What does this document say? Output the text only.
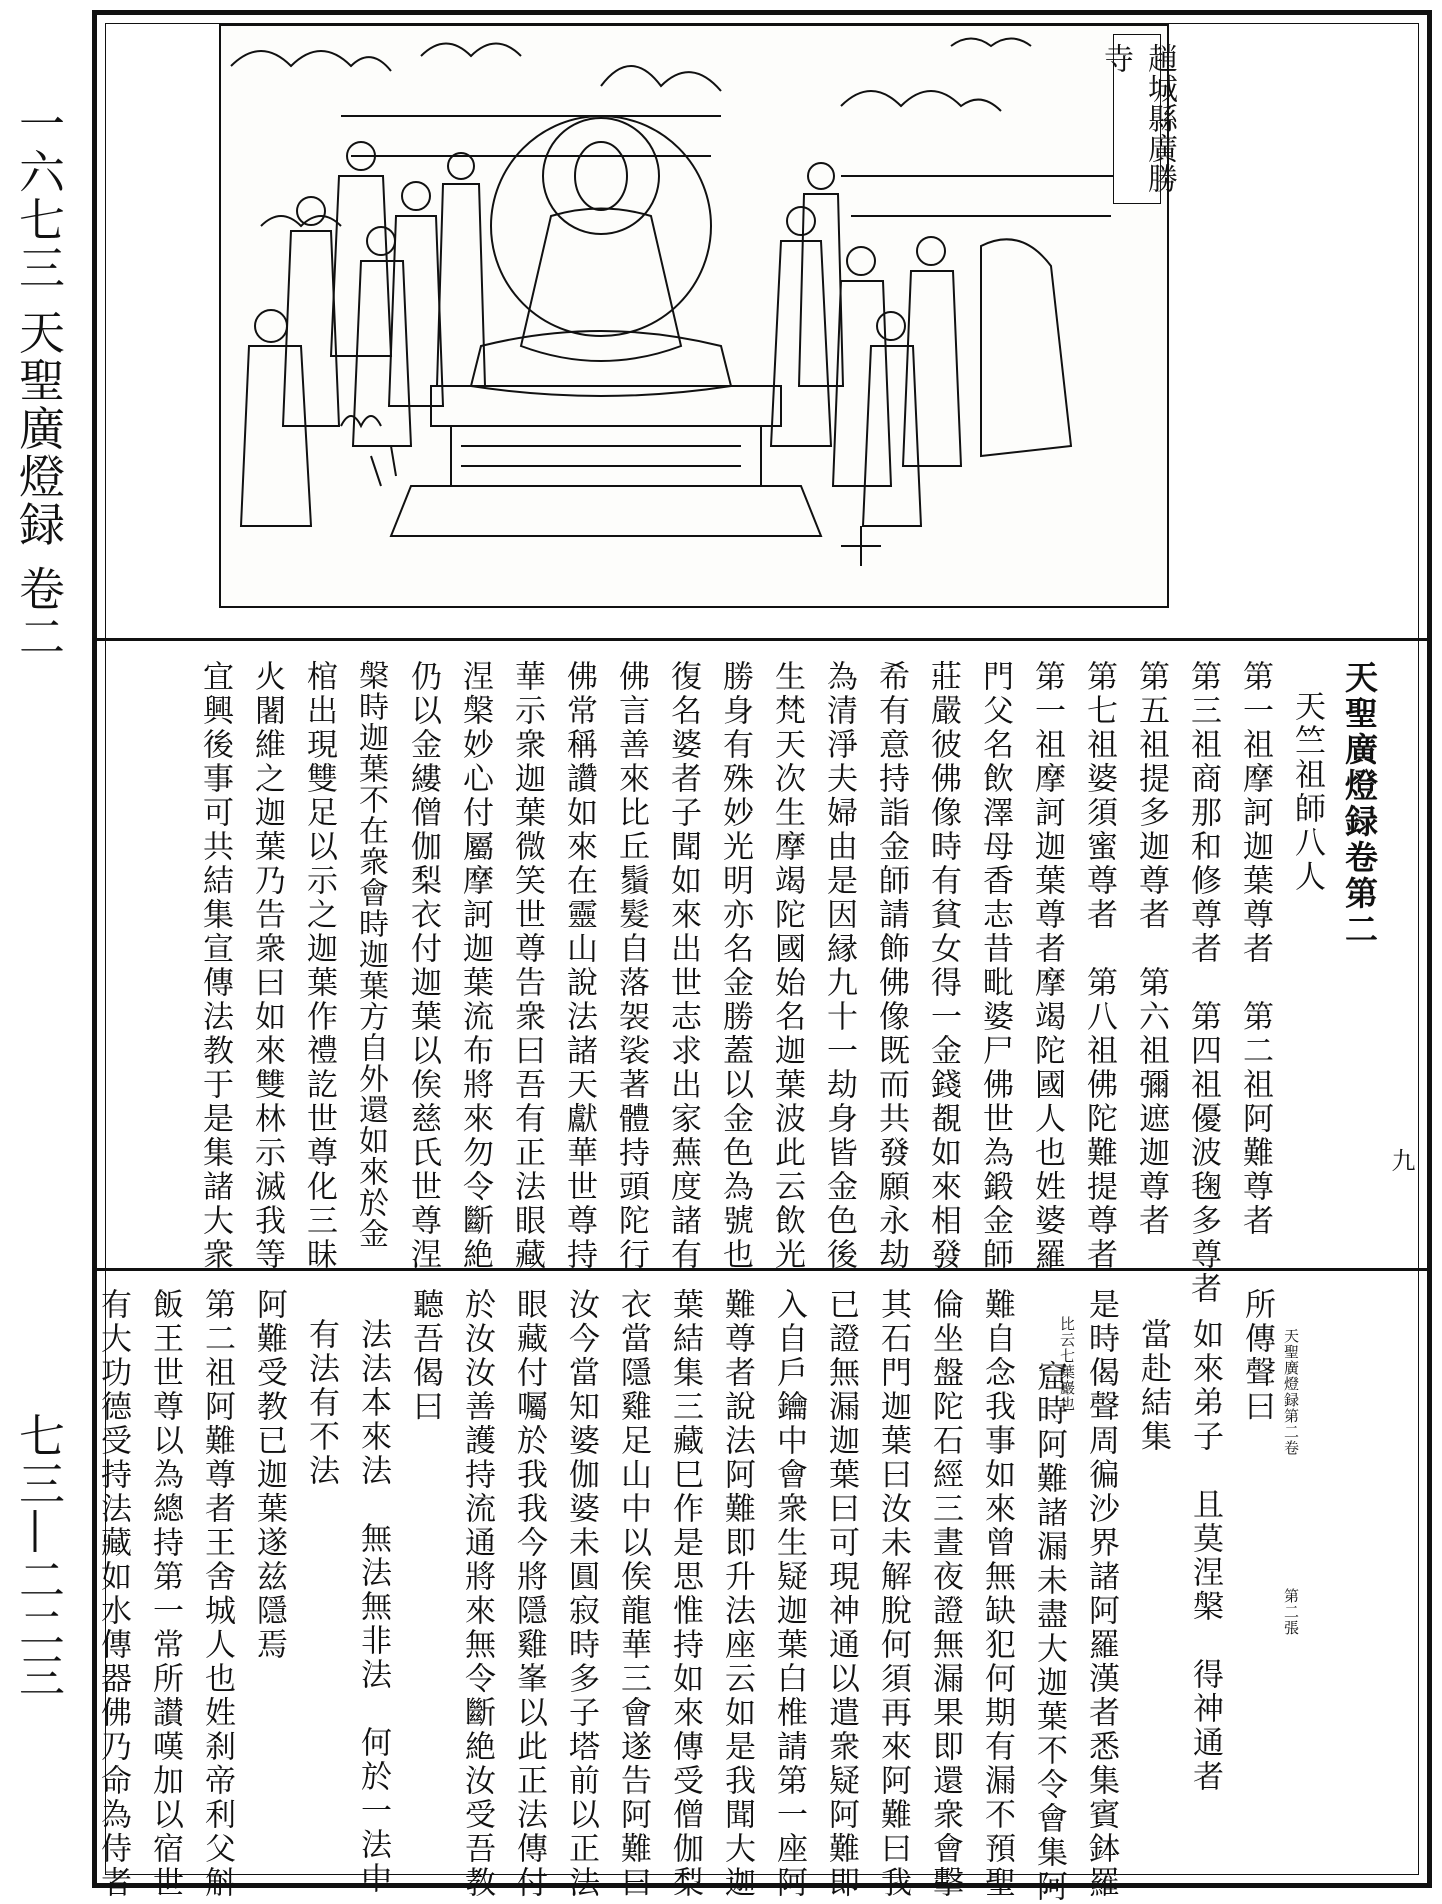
一六七三 天聖廣燈録 卷二
七三—二二三
趙城縣廣勝寺
天聖廣燈録卷第二
天竺祖師八人
第一祖摩訶迦葉尊者　第二祖阿難尊者
第三祖商那和修尊者　第四祖優波毱多尊者
第五祖提多迦尊者　第六祖彌遮迦尊者
第七祖婆須蜜尊者　第八祖佛陀難提尊者
第一祖摩訶迦葉尊者摩竭陀國人也姓婆羅
門父名飲澤母香志昔毗婆尸佛世為鍛金師
莊嚴彼佛像時有貧女得一金錢覩如來相發
希有意持詣金師請飾佛像既而共發願永劫
為清淨夫婦由是因縁九十一劫身皆金色後
生梵天次生摩竭陀國始名迦葉波此云飲光
勝身有殊妙光明亦名金勝蓋以金色為號也
復名婆者子聞如來出世志求出家蕪度諸有
佛言善來比丘鬚髮自落袈裟著體持頭陀行
佛常稱讚如來在靈山說法諸天獻華世尊持
華示衆迦葉微笑世尊告衆曰吾有正法眼藏
涅槃妙心付屬摩訶迦葉流布將來勿令斷絶
仍以金縷僧伽梨衣付迦葉以俟慈氏世尊涅
槃時迦葉不在衆會時迦葉方自外還如來於金
棺出現雙足以示之迦葉作禮訖世尊化三昧
火闍維之迦葉乃告衆曰如來雙林示滅我等
宜興後事可共結集宣傳法教于是集諸大衆	九
天聖廣燈録第二卷
第二張
所傳聲曰
如來弟子　且莫涅槃　得神通者
當赴結集
是時偈聲周徧沙界諸阿羅漢者悉集賓鉢羅
比云七葉巖也
窟時阿難諸漏未盡大迦葉不令會集阿
難自念我事如來曾無缺犯何期有漏不預聖
倫坐盤陀石經三晝夜證無漏果即還衆會擊
其石門迦葉曰汝未解脫何須再來阿難曰我
已證無漏迦葉曰可現神通以遣衆疑阿難即
入自戶鑰中會衆生疑迦葉白椎請第一座阿
難尊者說法阿難即升法座云如是我聞大迦
葉結集三藏巳作是思惟持如來傳受僧伽梨
衣當隱雞足山中以俟龍華三會遂告阿難曰
汝今當知婆伽婆未圓寂時多子塔前以正法
眼藏付囑於我我今將隱雞峯以此正法傳付
於汝汝善護持流通將來無令斷絶汝受吾教
聽吾偈曰
法法本來法　無法無非法　何於一法中
有法有不法
阿難受教已迦葉遂兹隱焉
第二祖阿難尊者王舍城人也姓刹帝利父斛
飯王世尊以為總持第一常所讃嘆加以宿世
有大功德受持法藏如水傳器佛乃命為侍者
